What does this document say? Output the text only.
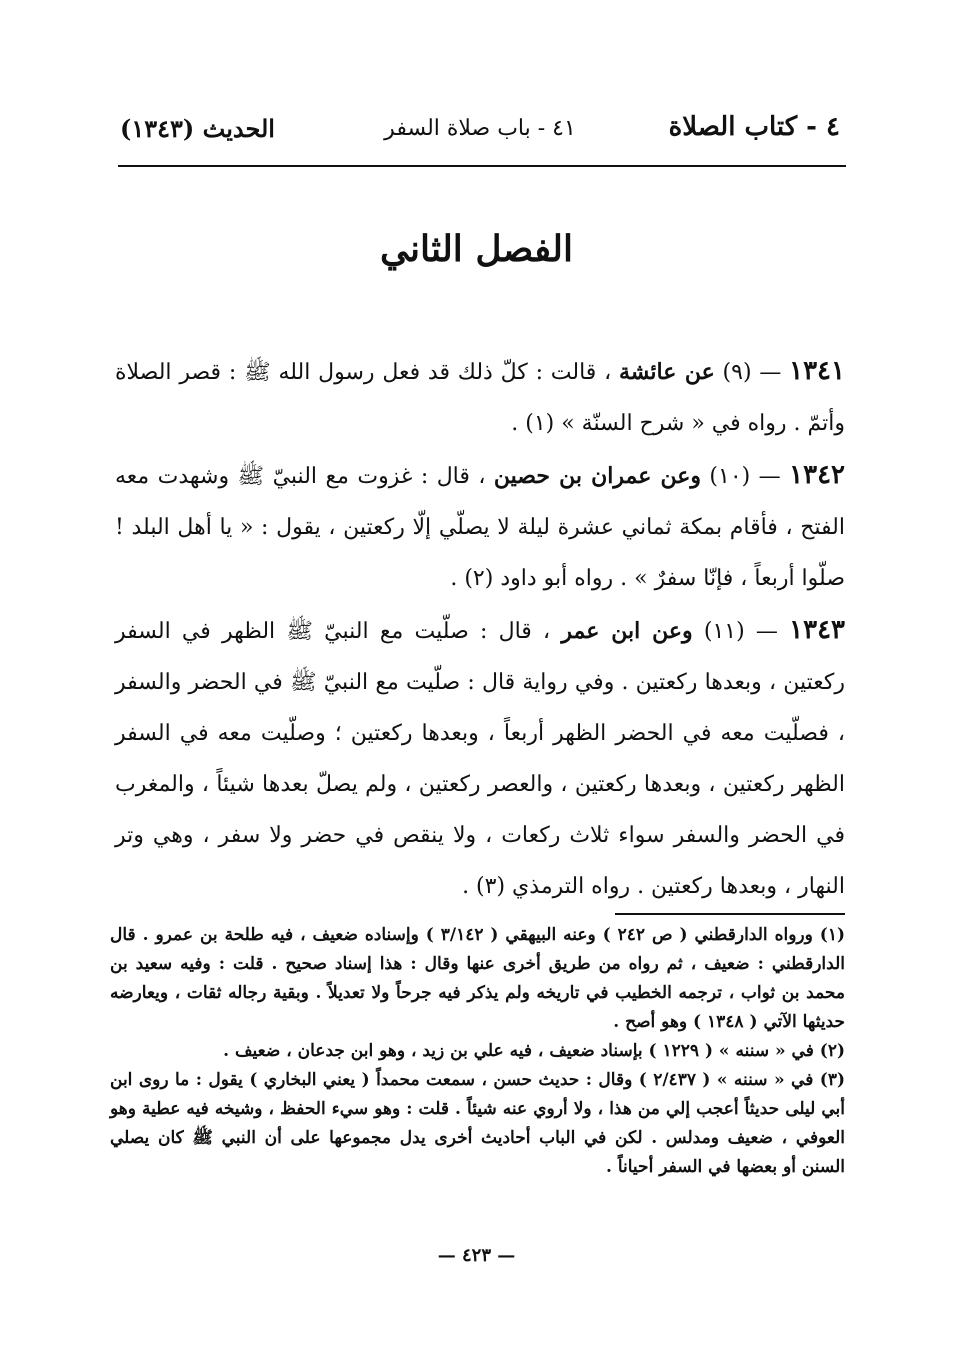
٤ - كتاب الصلاة
٤١ - باب صلاة السفر
الحديث (١٣٤٣)
الفصل الثاني
١٣٤١ — (٩) عن عائشة ، قالت : كلّ ذلك قد فعل رسول الله ﷺ : قصر الصلاة وأتمّ . رواه في « شرح السنّة » (١) .
١٣٤٢ — (١٠) وعن عمران بن حصين ، قال : غزوت مع النبيّ ﷺ وشهدت معه الفتح ، فأقام بمكة ثماني عشرة ليلة لا يصلّي إلّا ركعتين ، يقول : « يا أهل البلد ! صلّوا أربعاً ، فإنّا سفرٌ » . رواه أبو داود (٢) .
١٣٤٣ — (١١) وعن ابن عمر ، قال : صلّيت مع النبيّ ﷺ الظهر في السفر ركعتين ، وبعدها ركعتين . وفي رواية قال : صلّيت مع النبيّ ﷺ في الحضر والسفر ، فصلّيت معه في الحضر الظهر أربعاً ، وبعدها ركعتين ؛ وصلّيت معه في السفر الظهر ركعتين ، وبعدها ركعتين ، والعصر ركعتين ، ولم يصلّ بعدها شيئاً ، والمغرب في الحضر والسفر سواء ثلاث ركعات ، ولا ينقص في حضر ولا سفر ، وهي وتر النهار ، وبعدها ركعتين . رواه الترمذي (٣) .

(١) ورواه الدارقطني ( ص ٢٤٢ ) وعنه البيهقي ( ٣/١٤٢ ) وإسناده ضعيف ، فيه طلحة بن عمرو . قال الدارقطني : ضعيف ، ثم رواه من طريق أخرى عنها وقال : هذا إسناد صحيح . قلت : وفيه سعيد بن محمد بن ثواب ، ترجمه الخطيب في تاريخه ولم يذكر فيه جرحاً ولا تعديلاً . وبقية رجاله ثقات ، ويعارضه حديثها الآتي ( ١٣٤٨ ) وهو أصح .

(٢) في « سننه » ( ١٢٢٩ ) بإسناد ضعيف ، فيه علي بن زيد ، وهو ابن جدعان ، ضعيف .

(٣) في « سننه » ( ٢/٤٣٧ ) وقال : حديث حسن ، سمعت محمداً ( يعني البخاري ) يقول : ما روى ابن أبي ليلى حديثاً أعجب إلي من هذا ، ولا أروي عنه شيئاً . قلت : وهو سيء الحفظ ، وشيخه فيه عطية وهو العوفي ، ضعيف ومدلس . لكن في الباب أحاديث أخرى يدل مجموعها على أن النبي ﷺ كان يصلي السنن أو بعضها في السفر أحياناً .

— ٤٢٣ —
